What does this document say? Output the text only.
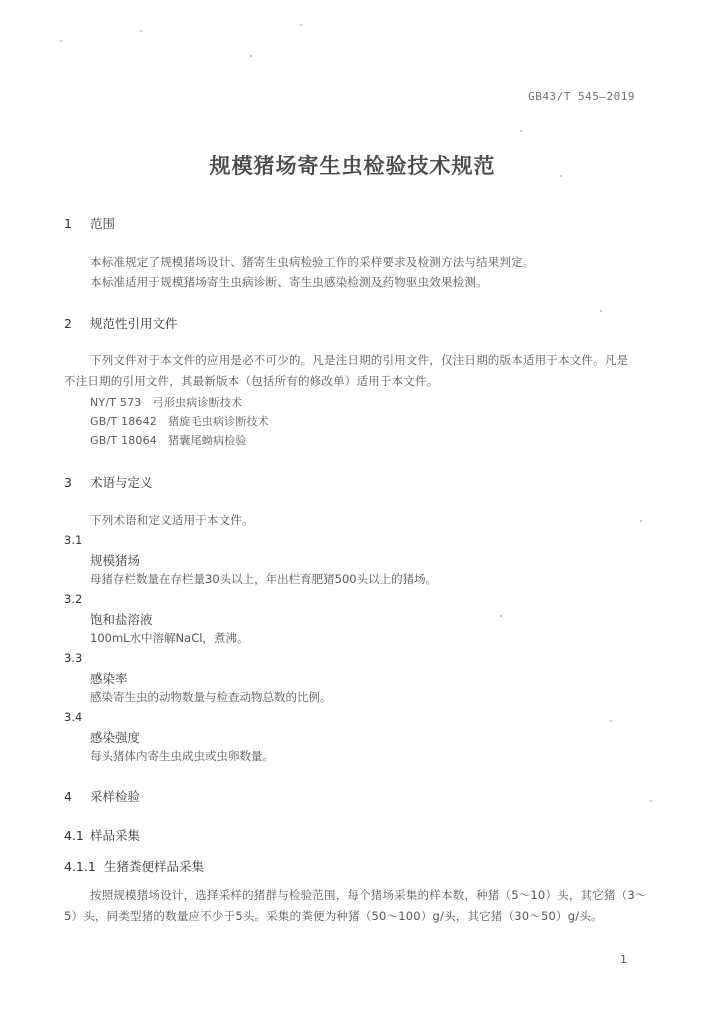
GB43/T 545—2019
规模猪场寄生虫检验技术规范
1 范围
本标准规定了规模猪场设计、猪寄生虫病检验工作的采样要求及检测方法与结果判定。
本标准适用于规模猪场寄生虫病诊断、寄生虫感染检测及药物驱虫效果检测。
2 规范性引用文件
下列文件对于本文件的应用是必不可少的。凡是注日期的引用文件，仅注日期的版本适用于本文件。凡是
不注日期的引用文件，其最新版本（包括所有的修改单）适用于本文件。
NY/T 573　弓形虫病诊断技术
GB/T 18642　猪旋毛虫病诊断技术
GB/T 18064　猪囊尾蚴病检验
3 术语与定义
下列术语和定义适用于本文件。
3.1
规模猪场
母猪存栏数量在存栏量30头以上，年出栏育肥猪500头以上的猪场。
3.2
饱和盐溶液
100mL水中溶解NaCl，煮沸。
3.3
感染率
感染寄生虫的动物数量与检查动物总数的比例。
3.4
感染强度
每头猪体内寄生虫成虫或虫卵数量。
4 采样检验
4.1 样品采集
4.1.1 生猪粪便样品采集
按照规模猪场设计，选择采样的猪群与检验范围，每个猪场采集的样本数，种猪（5～10）头，其它猪（3～
5）头，同类型猪的数量应不少于5头。采集的粪便为种猪（50～100）g/头，其它猪（30～50）g/头。
1
